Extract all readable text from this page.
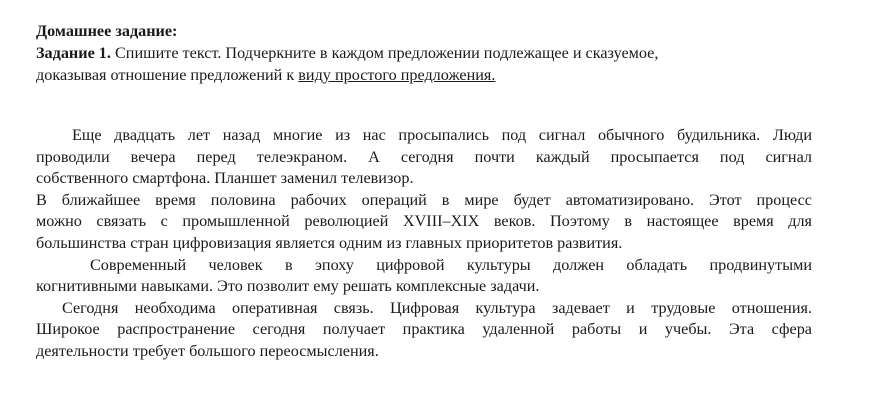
Домашнее задание:
Задание 1. Спишите текст. Подчеркните в каждом предложении подлежащее и сказуемое,
доказывая отношение предложений к виду простого предложения.
Еще двадцать лет назад многие из нас просыпались под сигнал обычного будильника. Люди
проводили вечера перед телеэкраном. А сегодня почти каждый просыпается под сигнал
собственного смартфона. Планшет заменил телевизор.
В ближайшее время половина рабочих операций в мире будет автоматизировано. Этот процесс
можно связать с промышленной революцией XVIII–XIX веков. Поэтому в настоящее время для
большинства стран цифровизация является одним из главных приоритетов развития.
Современный человек в эпоху цифровой культуры должен обладать продвинутыми
когнитивными навыками. Это позволит ему решать комплексные задачи.
Сегодня необходима оперативная связь. Цифровая культура задевает и трудовые отношения.
Широкое распространение сегодня получает практика удаленной работы и учебы. Эта сфера
деятельности требует большого переосмысления.
